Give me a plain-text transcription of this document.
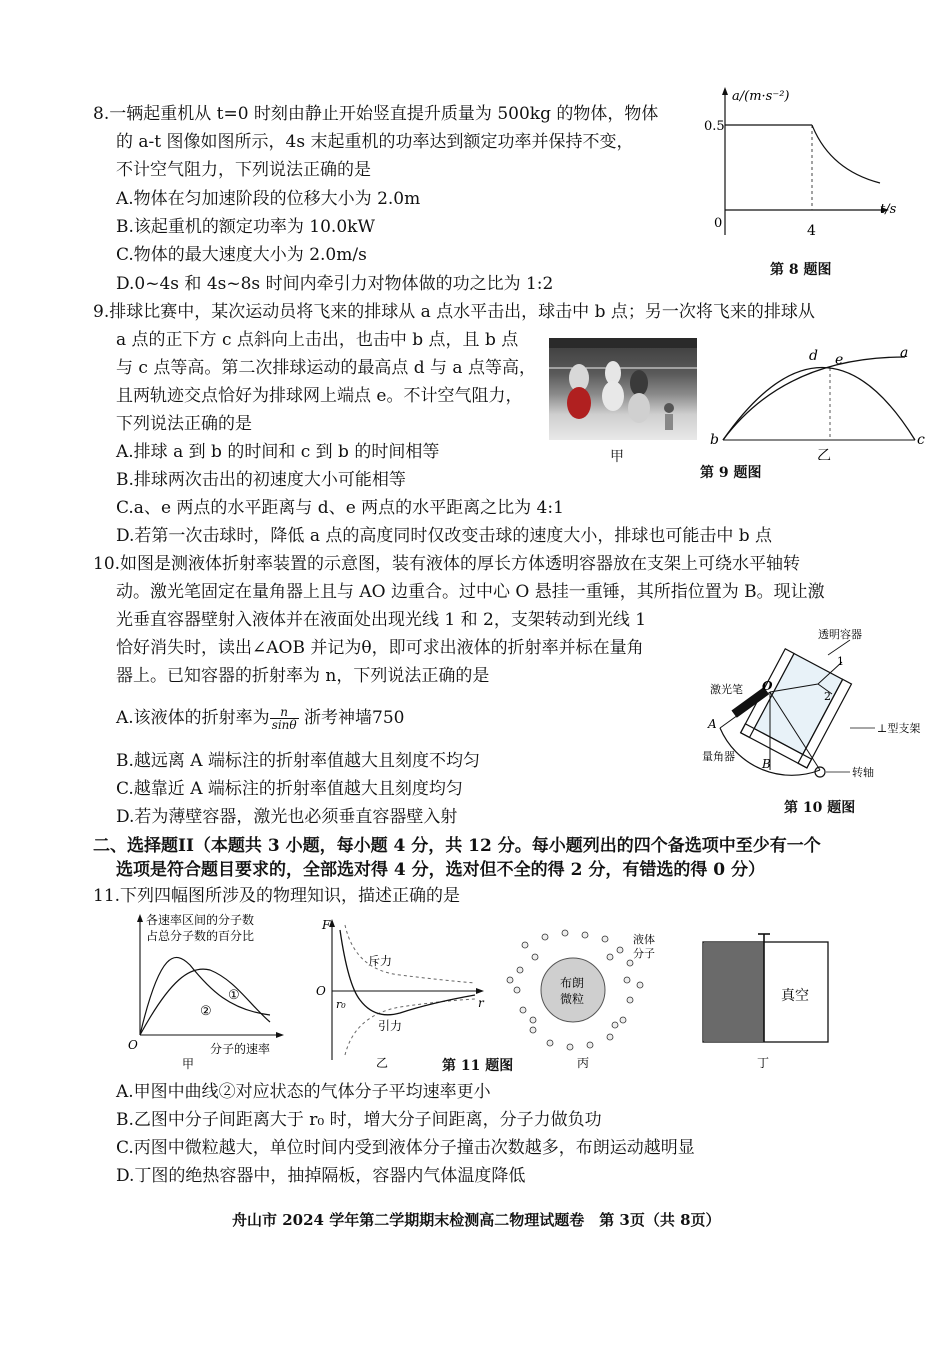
8.一辆起重机从 t=0 时刻由静止开始竖直提升质量为 500kg 的物体，物体
的 a-t 图像如图所示，4s 末起重机的功率达到额定功率并保持不变，
不计空气阻力，下列说法正确的是
A.物体在匀加速阶段的位移大小为 2.0m
B.该起重机的额定功率为 10.0kW
C.物体的最大速度大小为 2.0m/s
D.0~4s 和 4s~8s 时间内牵引力对物体做的功之比为 1:2
a/(m·s⁻²)
t/s
0.5
4
0
第 8 题图
9.排球比赛中，某次运动员将飞来的排球从 a 点水平击出，球击中 b 点；另一次将飞来的排球从
a 点的正下方 c 点斜向上击出，也击中 b 点，且 b 点
与 c 点等高。第二次排球运动的最高点 d 与 a 点等高，
且两轨迹交点恰好为排球网上端点 e。不计空气阻力，
下列说法正确的是
A.排球 a 到 b 的时间和 c 到 b 的时间相等
B.排球两次击出的初速度大小可能相等
C.a、e 两点的水平距离与 d、e 两点的水平距离之比为 4:1
D.若第一次击球时，降低 a 点的高度同时仅改变击球的速度大小，排球也可能击中 b 点
甲
d e	a
b	c
乙
第 9 题图
10.如图是测液体折射率装置的示意图，装有液体的厚长方体透明容器放在支架上可绕水平轴转
动。激光笔固定在量角器上且与 AO 边重合。过中心 O 悬挂一重锤，其所指位置为 B。现让激
光垂直容器壁射入液体并在液面处出现光线 1 和 2，支架转动到光线 1
恰好消失时，读出∠AOB 并记为θ，即可求出液体的折射率并标在量角
器上。已知容器的折射率为 n，下列说法正确的是
A.该液体的折射率为 $\frac{n}{\sin\theta}$ 浙考神墙750
B.越远离 A 端标注的折射率值越大且刻度不均匀
C.越靠近 A 端标注的折射率值越大且刻度均匀
D.若为薄壁容器，激光也必须垂直容器壁入射
透明容器
激光笔
⊥型支架
量角器
转轴
O
A
B
1
2
第 10 题图
二、选择题II（本题共 3 小题，每小题 4 分，共 12 分。每小题列出的四个备选项中至少有一个
选项是符合题目要求的，全部选对得 4 分，选对但不全的得 2 分，有错选的得 0 分）
11.下列四幅图所涉及的物理知识，描述正确的是
各速率区间的分子数
占总分子数的百分比
O	分子的速率
①
②
甲
F
r
O
r₀
斥力
引力
乙	第 11 题图
布朗
微粒
液体
分子
丙
真空
丁
A.甲图中曲线②对应状态的气体分子平均速率更小
B.乙图中分子间距离大于 r₀ 时，增大分子间距离，分子力做负功
C.丙图中微粒越大，单位时间内受到液体分子撞击次数越多，布朗运动越明显
D.丁图的绝热容器中，抽掉隔板，容器内气体温度降低
舟山市 2024 学年第二学期期末检测高二物理试题卷　第 3页（共 8页）
